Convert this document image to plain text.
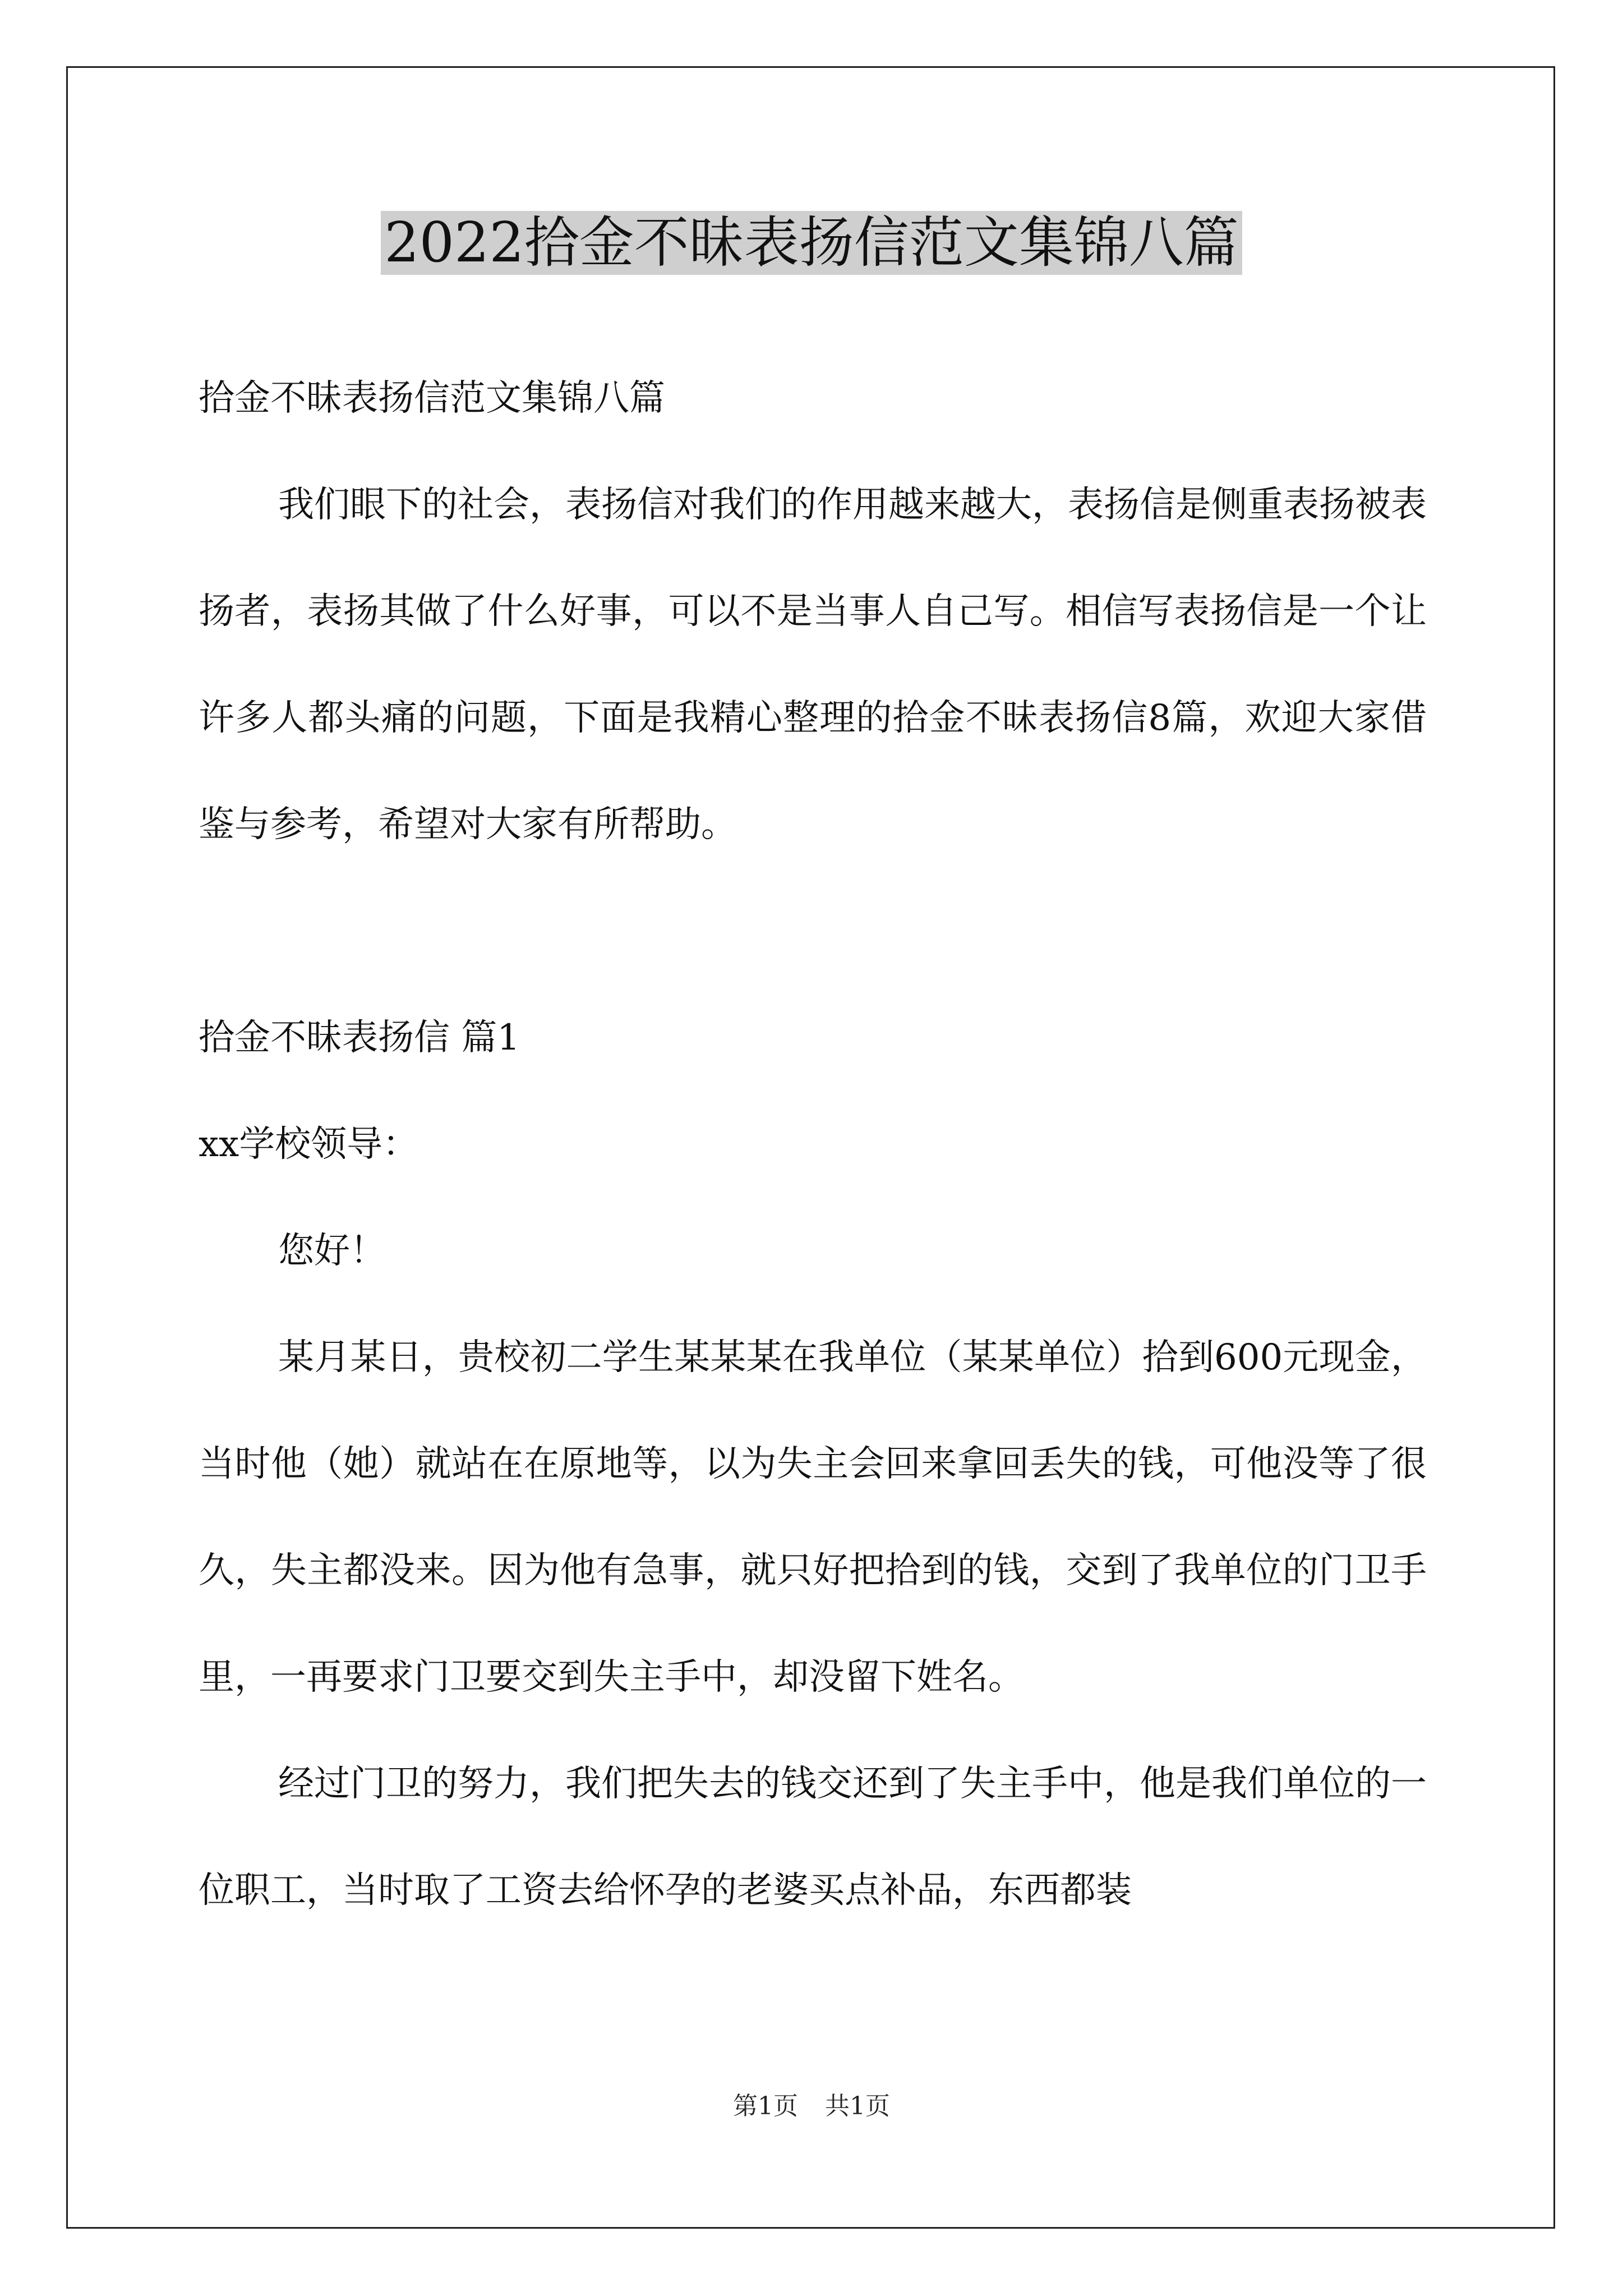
2022拾金不昧表扬信范文集锦八篇

拾金不昧表扬信范文集锦八篇

我们眼下的社会，表扬信对我们的作用越来越大，表扬信是侧重表扬被表扬者，表扬其做了什么好事，可以不是当事人自己写。相信写表扬信是一个让许多人都头痛的问题，下面是我精心整理的拾金不昧表扬信8篇，欢迎大家借鉴与参考，希望对大家有所帮助。

拾金不昧表扬信 篇1

xx学校领导：

您好！

某月某日，贵校初二学生某某某在我单位（某某单位）拾到600元现金，当时他（她）就站在在原地等，以为失主会回来拿回丢失的钱，可他没等了很久，失主都没来。因为他有急事，就只好把拾到的钱，交到了我单位的门卫手里，一再要求门卫要交到失主手中，却没留下姓名。

经过门卫的努力，我们把失去的钱交还到了失主手中，他是我们单位的一位职工，当时取了工资去给怀孕的老婆买点补品，东西都装

第1页 共1页
